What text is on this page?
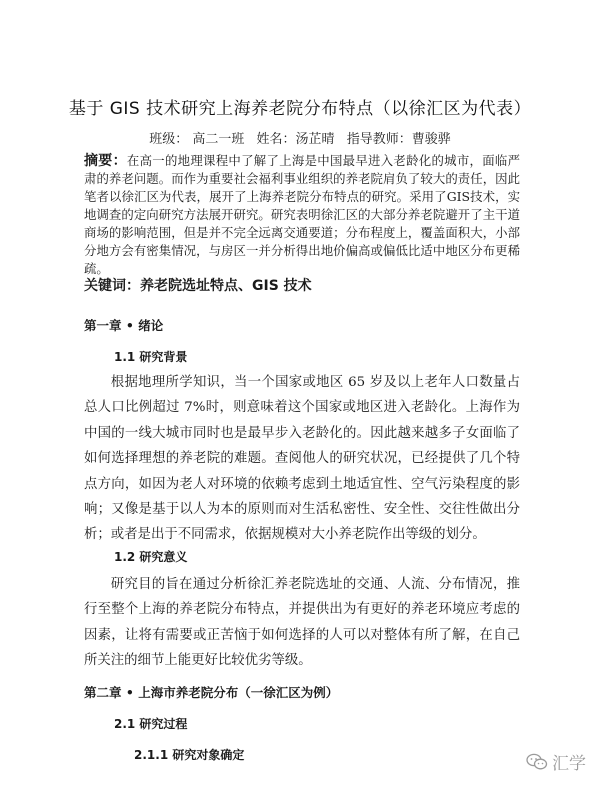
基于 GIS 技术研究上海养老院分布特点（以徐汇区为代表）
班级： 高二一班 姓名：汤芷晴 指导教师：曹骏骅

摘要：在高一的地理课程中了解了上海是中国最早进入老龄化的城市，面临严肃的养老问题。而作为重要社会福利事业组织的养老院肩负了较大的责任，因此笔者以徐汇区为代表，展开了上海养老院分布特点的研究。采用了GIS技术，实地调查的定向研究方法展开研究。研究表明徐汇区的大部分养老院避开了主干道商场的影响范围，但是并不完全远离交通要道；分布程度上，覆盖面积大，小部分地方会有密集情况，与房区一并分析得出地价偏高或偏低比适中地区分布更稀疏。

关键词：养老院选址特点、GIS 技术

第一章 • 绪论

1.1 研究背景

根据地理所学知识，当一个国家或地区 65 岁及以上老年人口数量占总人口比例超过 7%时，则意味着这个国家或地区进入老龄化。上海作为中国的一线大城市同时也是最早步入老龄化的。因此越来越多子女面临了如何选择理想的养老院的难题。查阅他人的研究状况，已经提供了几个特点方向，如因为老人对环境的依赖考虑到土地适宜性、空气污染程度的影响；又像是基于以人为本的原则而对生活私密性、安全性、交往性做出分析；或者是出于不同需求，依据规模对大小养老院作出等级的划分。

1.2 研究意义

研究目的旨在通过分析徐汇养老院选址的交通、人流、分布情况，推行至整个上海的养老院分布特点，并提供出为有更好的养老环境应考虑的因素，让将有需要或正苦恼于如何选择的人可以对整体有所了解，在自己所关注的细节上能更好比较优劣等级。

第二章 • 上海市养老院分布（一徐汇区为例）

2.1 研究过程

2.1.1 研究对象确定	汇学
